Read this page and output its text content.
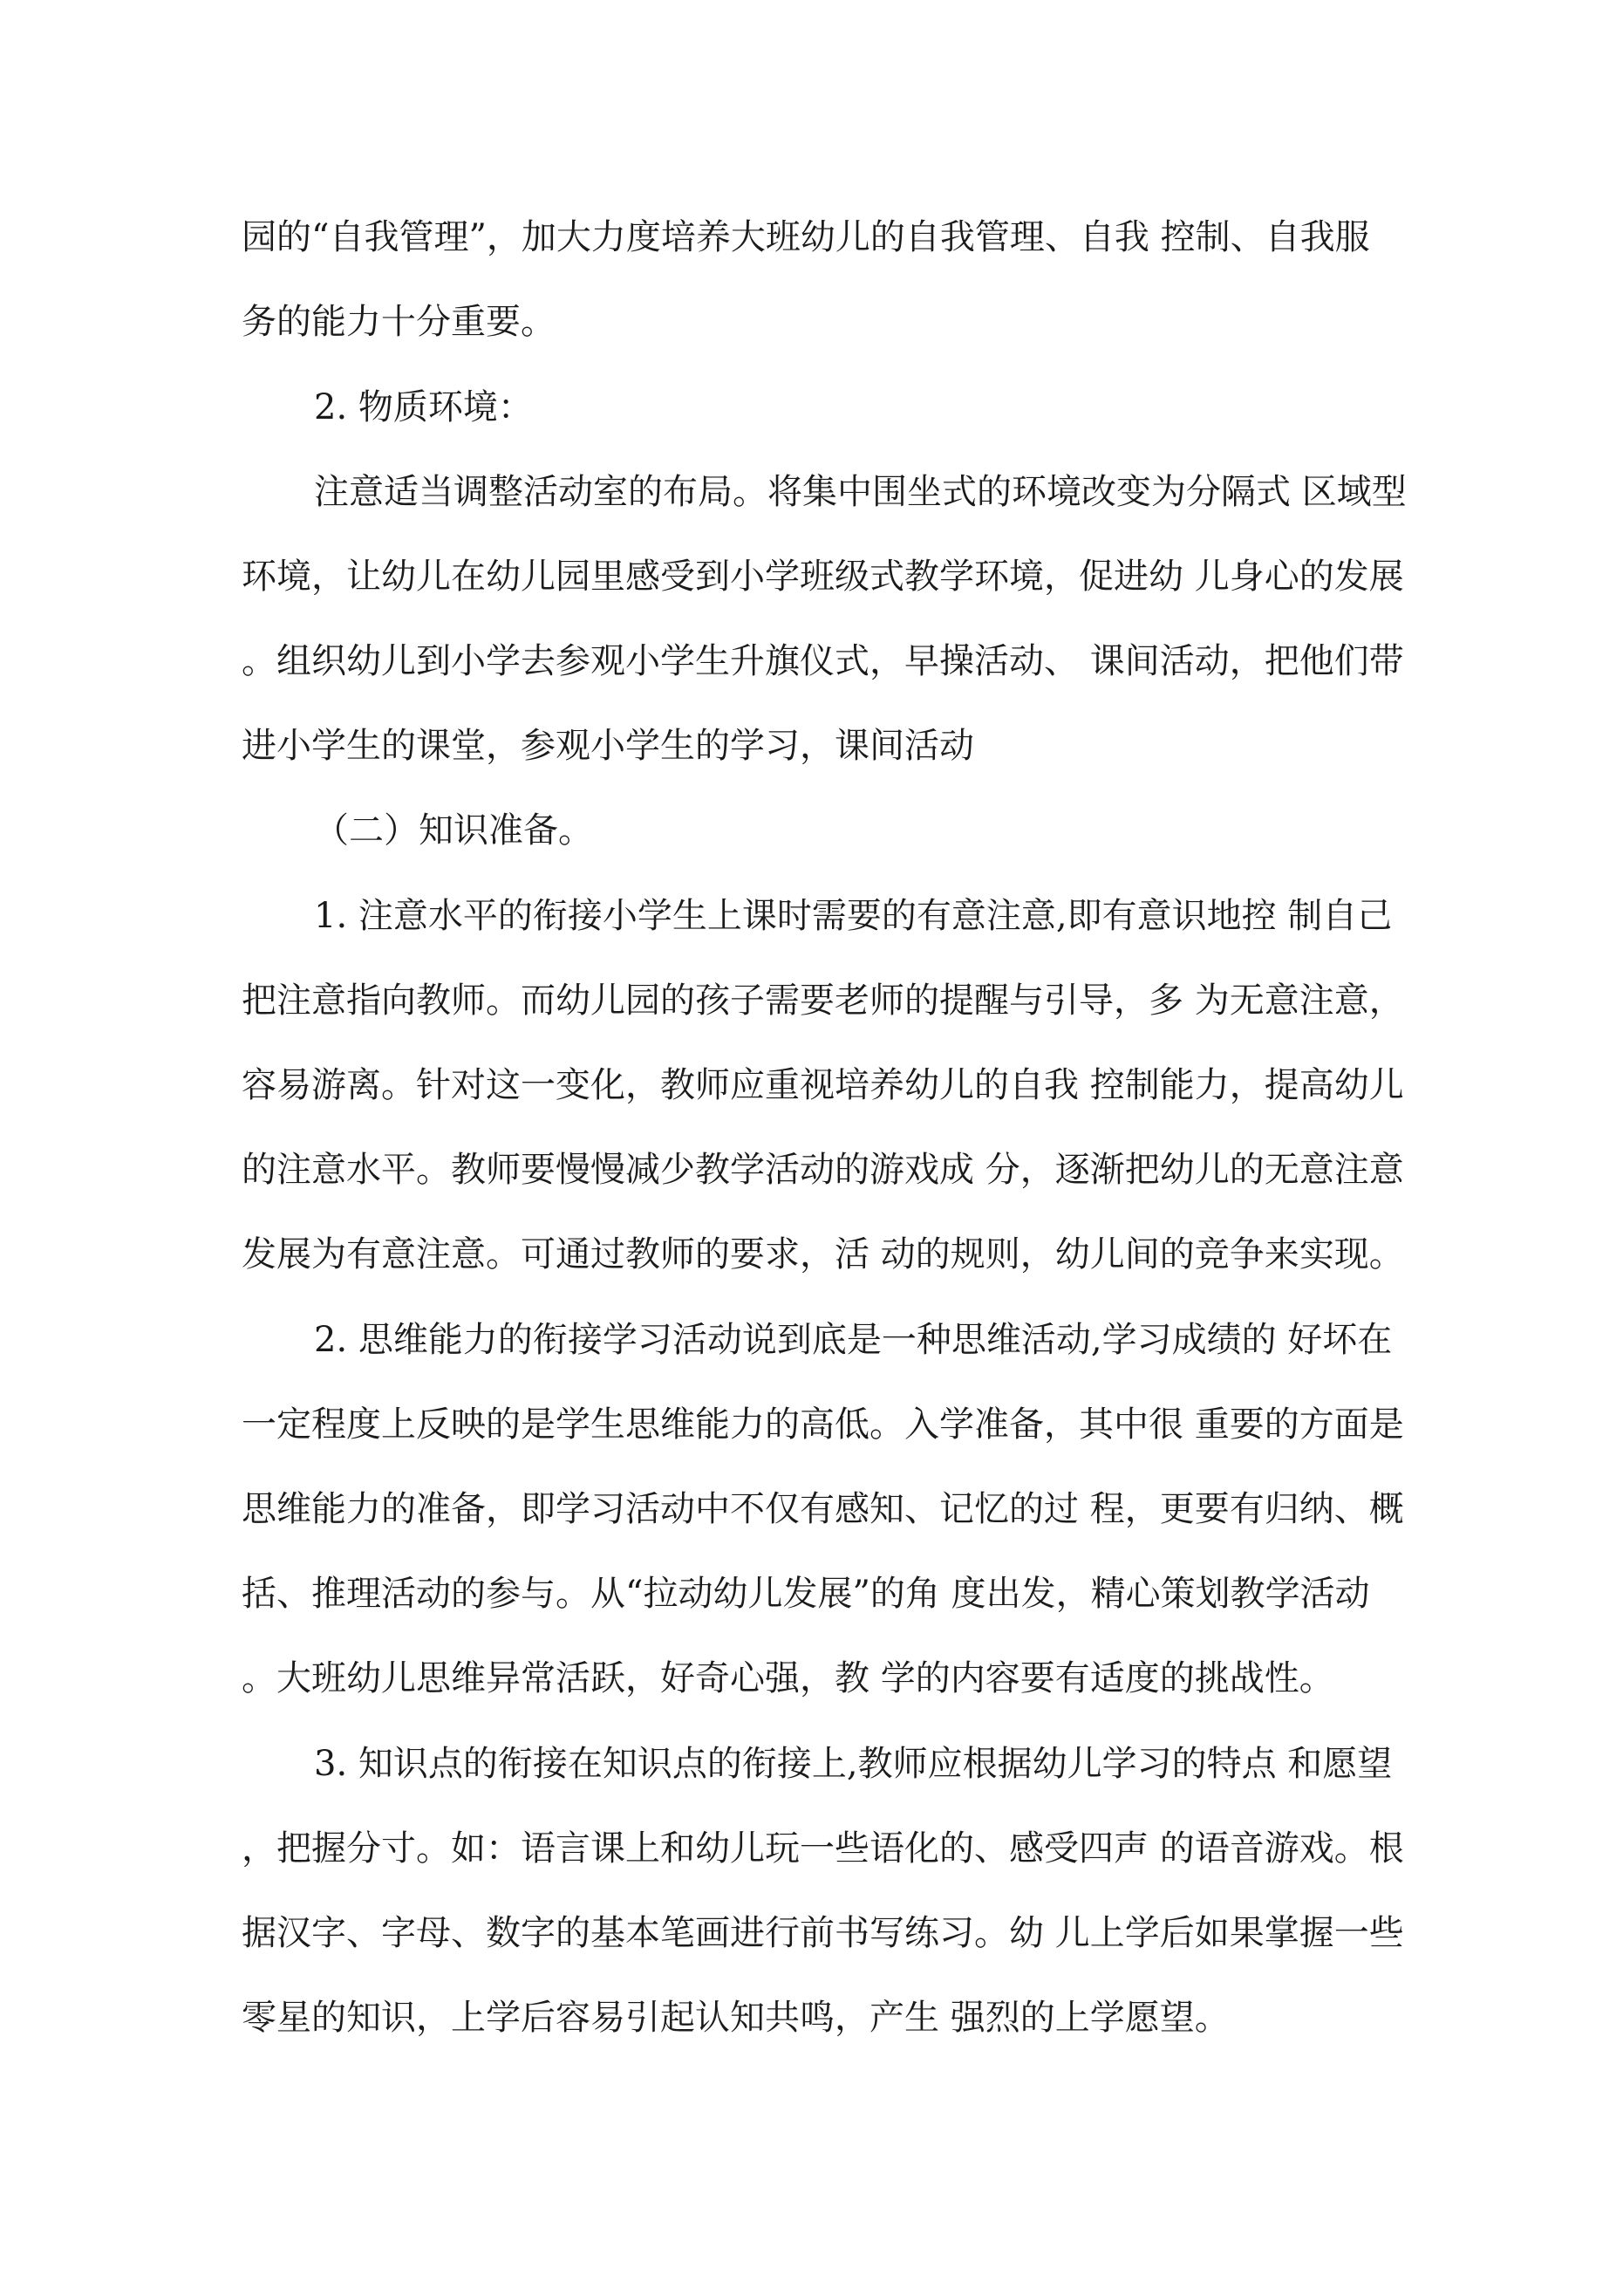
园的“自我管理”，加大力度培养大班幼儿的自我管理、自我 控制、自我服

务的能力十分重要。

2. 物质环境：

注意适当调整活动室的布局。将集中围坐式的环境改变为分隔式 区域型

环境，让幼儿在幼儿园里感受到小学班级式教学环境，促进幼 儿身心的发展

。组织幼儿到小学去参观小学生升旗仪式，早操活动、 课间活动，把他们带

进小学生的课堂，参观小学生的学习，课间活动

（二）知识准备。

1. 注意水平的衔接小学生上课时需要的有意注意,即有意识地控 制自己

把注意指向教师。而幼儿园的孩子需要老师的提醒与引导，多 为无意注意，

容易游离。针对这一变化，教师应重视培养幼儿的自我 控制能力，提高幼儿

的注意水平。教师要慢慢减少教学活动的游戏成 分，逐渐把幼儿的无意注意

发展为有意注意。可通过教师的要求，活 动的规则，幼儿间的竞争来实现。

2. 思维能力的衔接学习活动说到底是一种思维活动,学习成绩的 好坏在

一定程度上反映的是学生思维能力的高低。入学准备，其中很 重要的方面是

思维能力的准备，即学习活动中不仅有感知、记忆的过 程，更要有归纳、概

括、推理活动的参与。从“拉动幼儿发展”的角 度出发，精心策划教学活动

。大班幼儿思维异常活跃，好奇心强，教 学的内容要有适度的挑战性。

3. 知识点的衔接在知识点的衔接上,教师应根据幼儿学习的特点 和愿望

，把握分寸。如：语言课上和幼儿玩一些语化的、感受四声 的语音游戏。根

据汉字、字母、数字的基本笔画进行前书写练习。幼 儿上学后如果掌握一些

零星的知识，上学后容易引起认知共鸣，产生 强烈的上学愿望。
